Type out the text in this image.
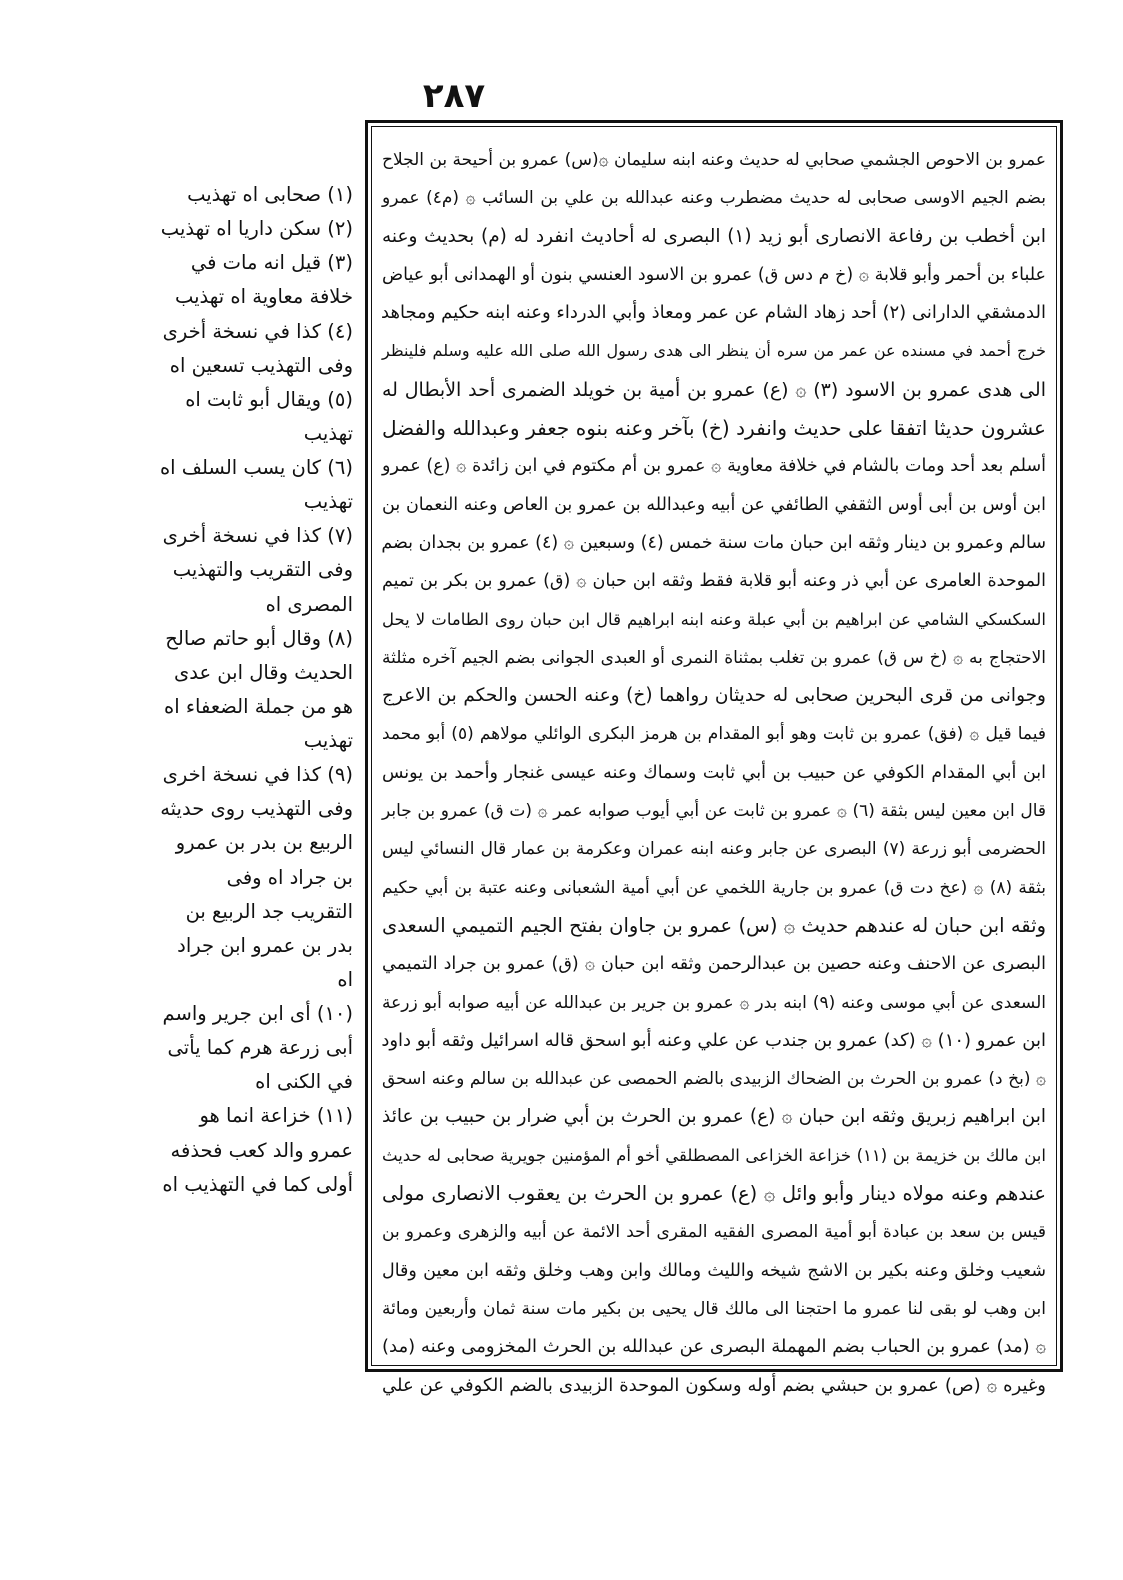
٢٨٧
عمرو بن الاحوص الجشمي صحابي له حديث وعنه ابنه سليمان ۞(س) عمرو بن أحيحة بن الجلاح
بضم الجيم الاوسى صحابى له حديث مضطرب وعنه عبدالله بن علي بن السائب ۞ (م٤) عمرو
ابن أخطب بن رفاعة الانصارى أبو زيد (١) البصرى له أحاديث انفرد له (م) بحديث وعنه
علباء بن أحمر وأبو قلابة ۞ (خ م دس ق) عمرو بن الاسود العنسي بنون أو الهمدانى أبو عياض
الدمشقي الدارانى (٢) أحد زهاد الشام عن عمر ومعاذ وأبي الدرداء وعنه ابنه حكيم ومجاهد
خرج أحمد في مسنده عن عمر من سره أن ينظر الى هدى رسول الله صلى الله عليه وسلم فلينظر
الى هدى عمرو بن الاسود (٣) ۞ (ع) عمرو بن أمية بن خويلد الضمرى أحد الأبطال له
عشرون حديثا اتفقا على حديث وانفرد (خ) بآخر وعنه بنوه جعفر وعبدالله والفضل
أسلم بعد أحد ومات بالشام في خلافة معاوية ۞ عمرو بن أم مكتوم في ابن زائدة ۞ (ع) عمرو
ابن أوس بن أبى أوس الثقفي الطائفي عن أبيه وعبدالله بن عمرو بن العاص وعنه النعمان بن
سالم وعمرو بن دينار وثقه ابن حبان مات سنة خمس (٤) وسبعين ۞ (٤) عمرو بن بجدان بضم
الموحدة العامرى عن أبي ذر وعنه أبو قلابة فقط وثقه ابن حبان ۞ (ق) عمرو بن بكر بن تميم
السكسكي الشامي عن ابراهيم بن أبي عبلة وعنه ابنه ابراهيم قال ابن حبان روى الطامات لا يحل
الاحتجاج به ۞ (خ س ق) عمرو بن تغلب بمثناة النمرى أو العبدى الجوانى بضم الجيم آخره مثلثة
وجوانى من قرى البحرين صحابى له حديثان رواهما (خ) وعنه الحسن والحكم بن الاعرج
فيما قيل ۞ (فق) عمرو بن ثابت وهو أبو المقدام بن هرمز البكرى الوائلي مولاهم (٥) أبو محمد
ابن أبي المقدام الكوفي عن حبيب بن أبي ثابت وسماك وعنه عيسى غنجار وأحمد بن يونس
قال ابن معين ليس بثقة (٦) ۞ عمرو بن ثابت عن أبي أيوب صوابه عمر ۞ (ت ق) عمرو بن جابر
الحضرمى أبو زرعة (٧) البصرى عن جابر وعنه ابنه عمران وعكرمة بن عمار قال النسائي ليس
بثقة (٨) ۞ (عخ دت ق) عمرو بن جارية اللخمي عن أبي أمية الشعبانى وعنه عتبة بن أبي حكيم
وثقه ابن حبان له عندهم حديث ۞ (س) عمرو بن جاوان بفتح الجيم التميمي السعدى
البصرى عن الاحنف وعنه حصين بن عبدالرحمن وثقه ابن حبان ۞ (ق) عمرو بن جراد التميمي
السعدى عن أبي موسى وعنه (٩) ابنه بدر ۞ عمرو بن جرير بن عبدالله عن أبيه صوابه أبو زرعة
ابن عمرو (١٠) ۞ (كد) عمرو بن جندب عن علي وعنه أبو اسحق قاله اسرائيل وثقه أبو داود
۞ (بخ د) عمرو بن الحرث بن الضحاك الزبيدى بالضم الحمصى عن عبدالله بن سالم وعنه اسحق
ابن ابراهيم زبريق وثقه ابن حبان ۞ (ع) عمرو بن الحرث بن أبي ضرار بن حبيب بن عائذ
ابن مالك بن خزيمة بن (١١) خزاعة الخزاعى المصطلقي أخو أم المؤمنين جويرية صحابى له حديث
عندهم وعنه مولاه دينار وأبو وائل ۞ (ع) عمرو بن الحرث بن يعقوب الانصارى مولى
قيس بن سعد بن عبادة أبو أمية المصرى الفقيه المقرى أحد الائمة عن أبيه والزهرى وعمرو بن
شعيب وخلق وعنه بكير بن الاشج شيخه والليث ومالك وابن وهب وخلق وثقه ابن معين وقال
ابن وهب لو بقى لنا عمرو ما احتجنا الى مالك قال يحيى بن بكير مات سنة ثمان وأربعين ومائة
۞ (مد) عمرو بن الحباب بضم المهملة البصرى عن عبدالله بن الحرث المخزومى وعنه (مد)
وغيره ۞ (ص) عمرو بن حبشي بضم أوله وسكون الموحدة الزبيدى بالضم الكوفي عن علي
(١) صحابى اه تهذيب
(٢) سكن داريا اه تهذيب
(٣) قيل انه مات في خلافة معاوية اه تهذيب
(٤) كذا في نسخة أخرى وفى التهذيب تسعين اه
(٥) ويقال أبو ثابت اه تهذيب
(٦) كان يسب السلف اه تهذيب
(٧) كذا في نسخة أخرى وفى التقريب والتهذيب المصرى اه
(٨) وقال أبو حاتم صالح الحديث وقال ابن عدى هو من جملة الضعفاء اه تهذيب
(٩) كذا في نسخة اخرى وفى التهذيب روى حديثه الربيع بن بدر بن عمرو بن جراد اه وفى التقريب جد الربيع بن بدر بن عمرو ابن جراد اه
(١٠) أى ابن جرير واسم أبى زرعة هرم كما يأتى في الكنى اه
(١١) خزاعة انما هو عمرو والد كعب فحذفه أولى كما في التهذيب اه
